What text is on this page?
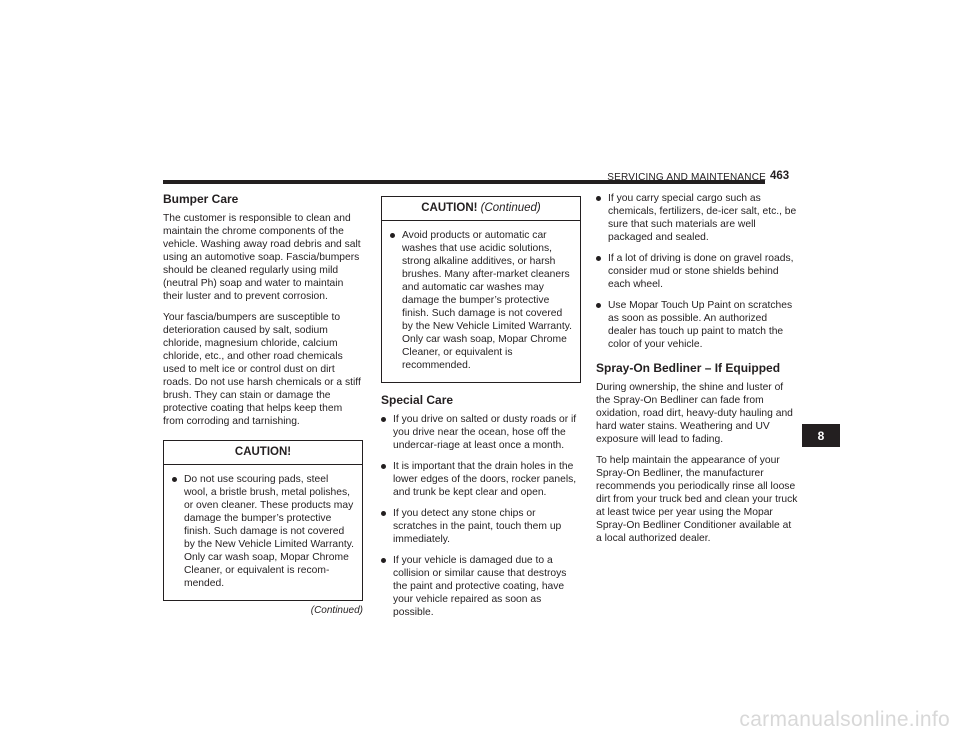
SERVICING AND MAINTENANCE 463
Bumper Care

The customer is responsible to clean and maintain the chrome components of the vehicle. Washing away road debris and salt using an automotive soap. Fascia/bumpers should be cleaned regularly using mild (neutral Ph) soap and water to maintain their luster and to prevent corrosion.

Your fascia/bumpers are susceptible to deterioration caused by salt, sodium chloride, magnesium chloride, calcium chloride, etc., and other road chemicals used to melt ice or control dust on dirt roads. Do not use harsh chemicals or a stiff brush. They can stain or damage the protective coating that helps keep them from corroding and tarnishing.

CAUTION!
Do not use scouring pads, steel wool, a bristle brush, metal polishes, or oven cleaner. These products may damage the bumper’s protective finish. Such damage is not covered by the New Vehicle Limited Warranty. Only car wash soap, Mopar Chrome Cleaner, or equivalent is recom-mended.
(Continued)
CAUTION! (Continued)
Avoid products or automatic car washes that use acidic solutions, strong alkaline additives, or harsh brushes. Many after-market cleaners and automatic car washes may damage the bumper’s protective finish. Such damage is not covered by the New Vehicle Limited Warranty. Only car wash soap, Mopar Chrome Cleaner, or equivalent is recommended.
Special Care
If you drive on salted or dusty roads or if you drive near the ocean, hose off the undercar-riage at least once a month.
It is important that the drain holes in the lower edges of the doors, rocker panels, and trunk be kept clear and open.
If you detect any stone chips or scratches in the paint, touch them up immediately.
If your vehicle is damaged due to a collision or similar cause that destroys the paint and protective coating, have your vehicle repaired as soon as possible.
If you carry special cargo such as chemicals, fertilizers, de-icer salt, etc., be sure that such materials are well packaged and sealed.
If a lot of driving is done on gravel roads, consider mud or stone shields behind each wheel.
Use Mopar Touch Up Paint on scratches as soon as possible. An authorized dealer has touch up paint to match the color of your vehicle.
Spray-On Bedliner – If Equipped

During ownership, the shine and luster of the Spray-On Bedliner can fade from oxidation, road dirt, heavy-duty hauling and hard water stains. Weathering and UV exposure will lead to fading.

To help maintain the appearance of your Spray-On Bedliner, the manufacturer recommends you periodically rinse all loose dirt from your truck bed and clean your truck at least twice per year using the Mopar Spray-On Bedliner Conditioner available at a local authorized dealer.

8
carmanualsonline.info
